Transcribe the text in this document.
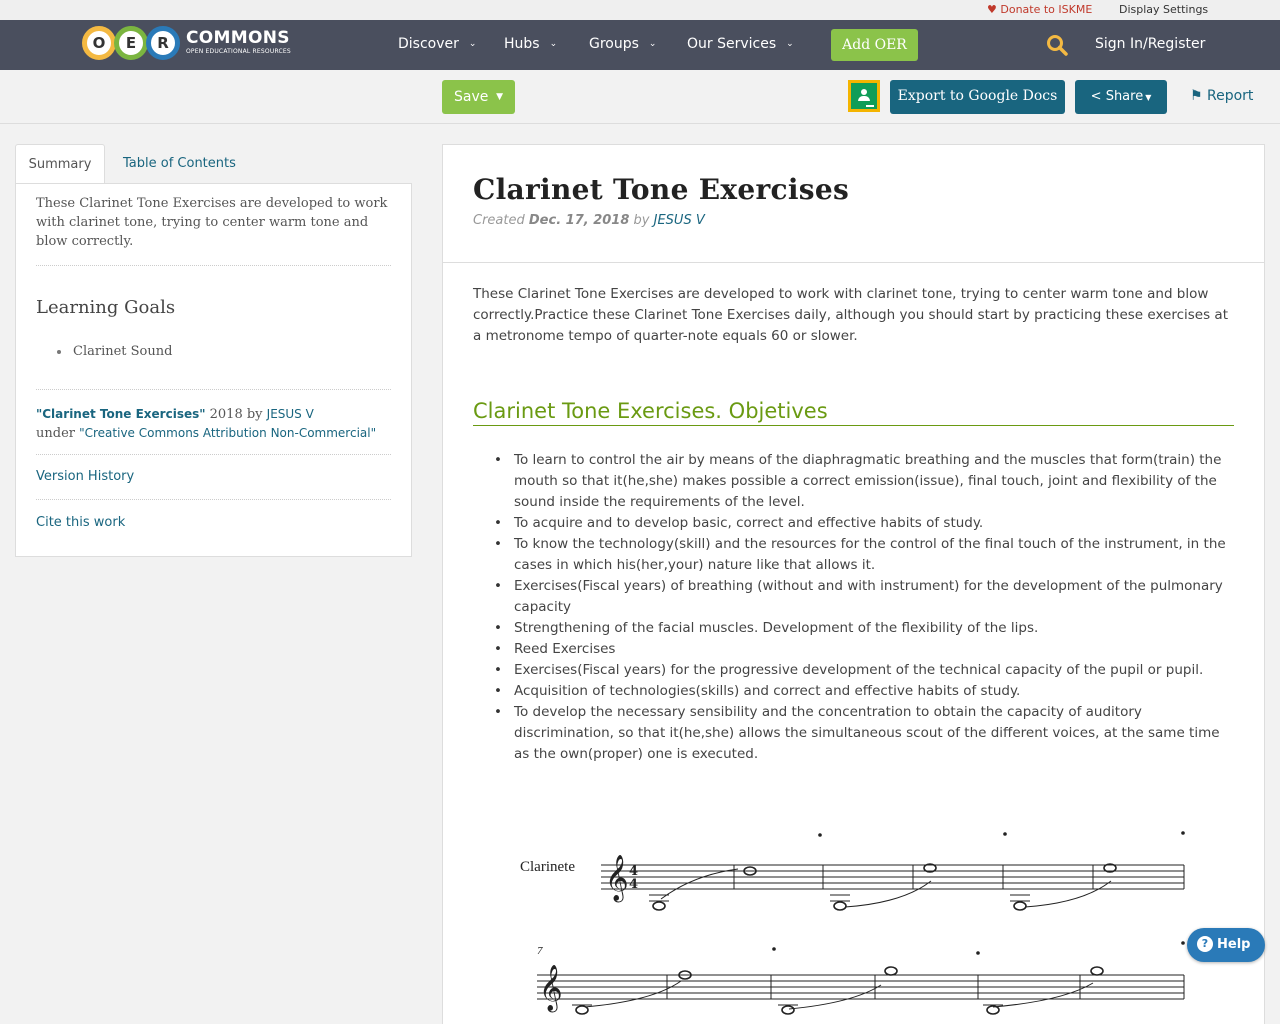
♥ Donate to ISKME Display Settings
O	E	R	COMMONS
OPEN EDUCATIONAL RESOURCES	Discover ⌄ Hubs ⌄ Groups ⌄ Our Services ⌄	Add OER	Sign In/Register
Save ▼	Export to Google Docs	< Share ▼	⚑ Report
Summary	Table of Contents
These Clarinet Tone Exercises are developed to work with clarinet tone, trying to center warm tone and blow correctly.
Learning Goals
Clarinet Sound
"Clarinet Tone Exercises" 2018 by JESUS V
under "Creative Commons Attribution Non-Commercial"
Version History
Cite this work
Clarinet Tone Exercises
Created Dec. 17, 2018 by JESUS V
These Clarinet Tone Exercises are developed to work with clarinet tone, trying to center warm tone and blow correctly.Practice these Clarinet Tone Exercises daily, although you should start by practicing these exercises at a metronome tempo of quarter-note equals 60 or slower.
Clarinet Tone Exercises. Objetives
• To learn to control the air by means of the diaphragmatic breathing and the muscles that form(train) the mouth so that it(he,she) makes possible a correct emission(issue), final touch, joint and flexibility of the sound inside the requirements of the level.
• To acquire and to develop basic, correct and effective habits of study.
• To know the technology(skill) and the resources for the control of the final touch of the instrument, in the cases in which his(her,your) nature like that allows it.
• Exercises(Fiscal years) of breathing (without and with instrument) for the development of the pulmonary capacity
• Strengthening of the facial muscles. Development of the flexibility of the lips.
• Reed Exercises
• Exercises(Fiscal years) for the progressive development of the technical capacity of the pupil or pupil.
• Acquisition of technologies(skills) and correct and effective habits of study.
• To develop the necessary sensibility and the concentration to obtain the capacity of auditory discrimination, so that it(he,she) allows the simultaneous scout of the different voices, at the same time as the own(proper) one is executed.
Clarinete
7
𝄞 4
4
𝄞
? Help
